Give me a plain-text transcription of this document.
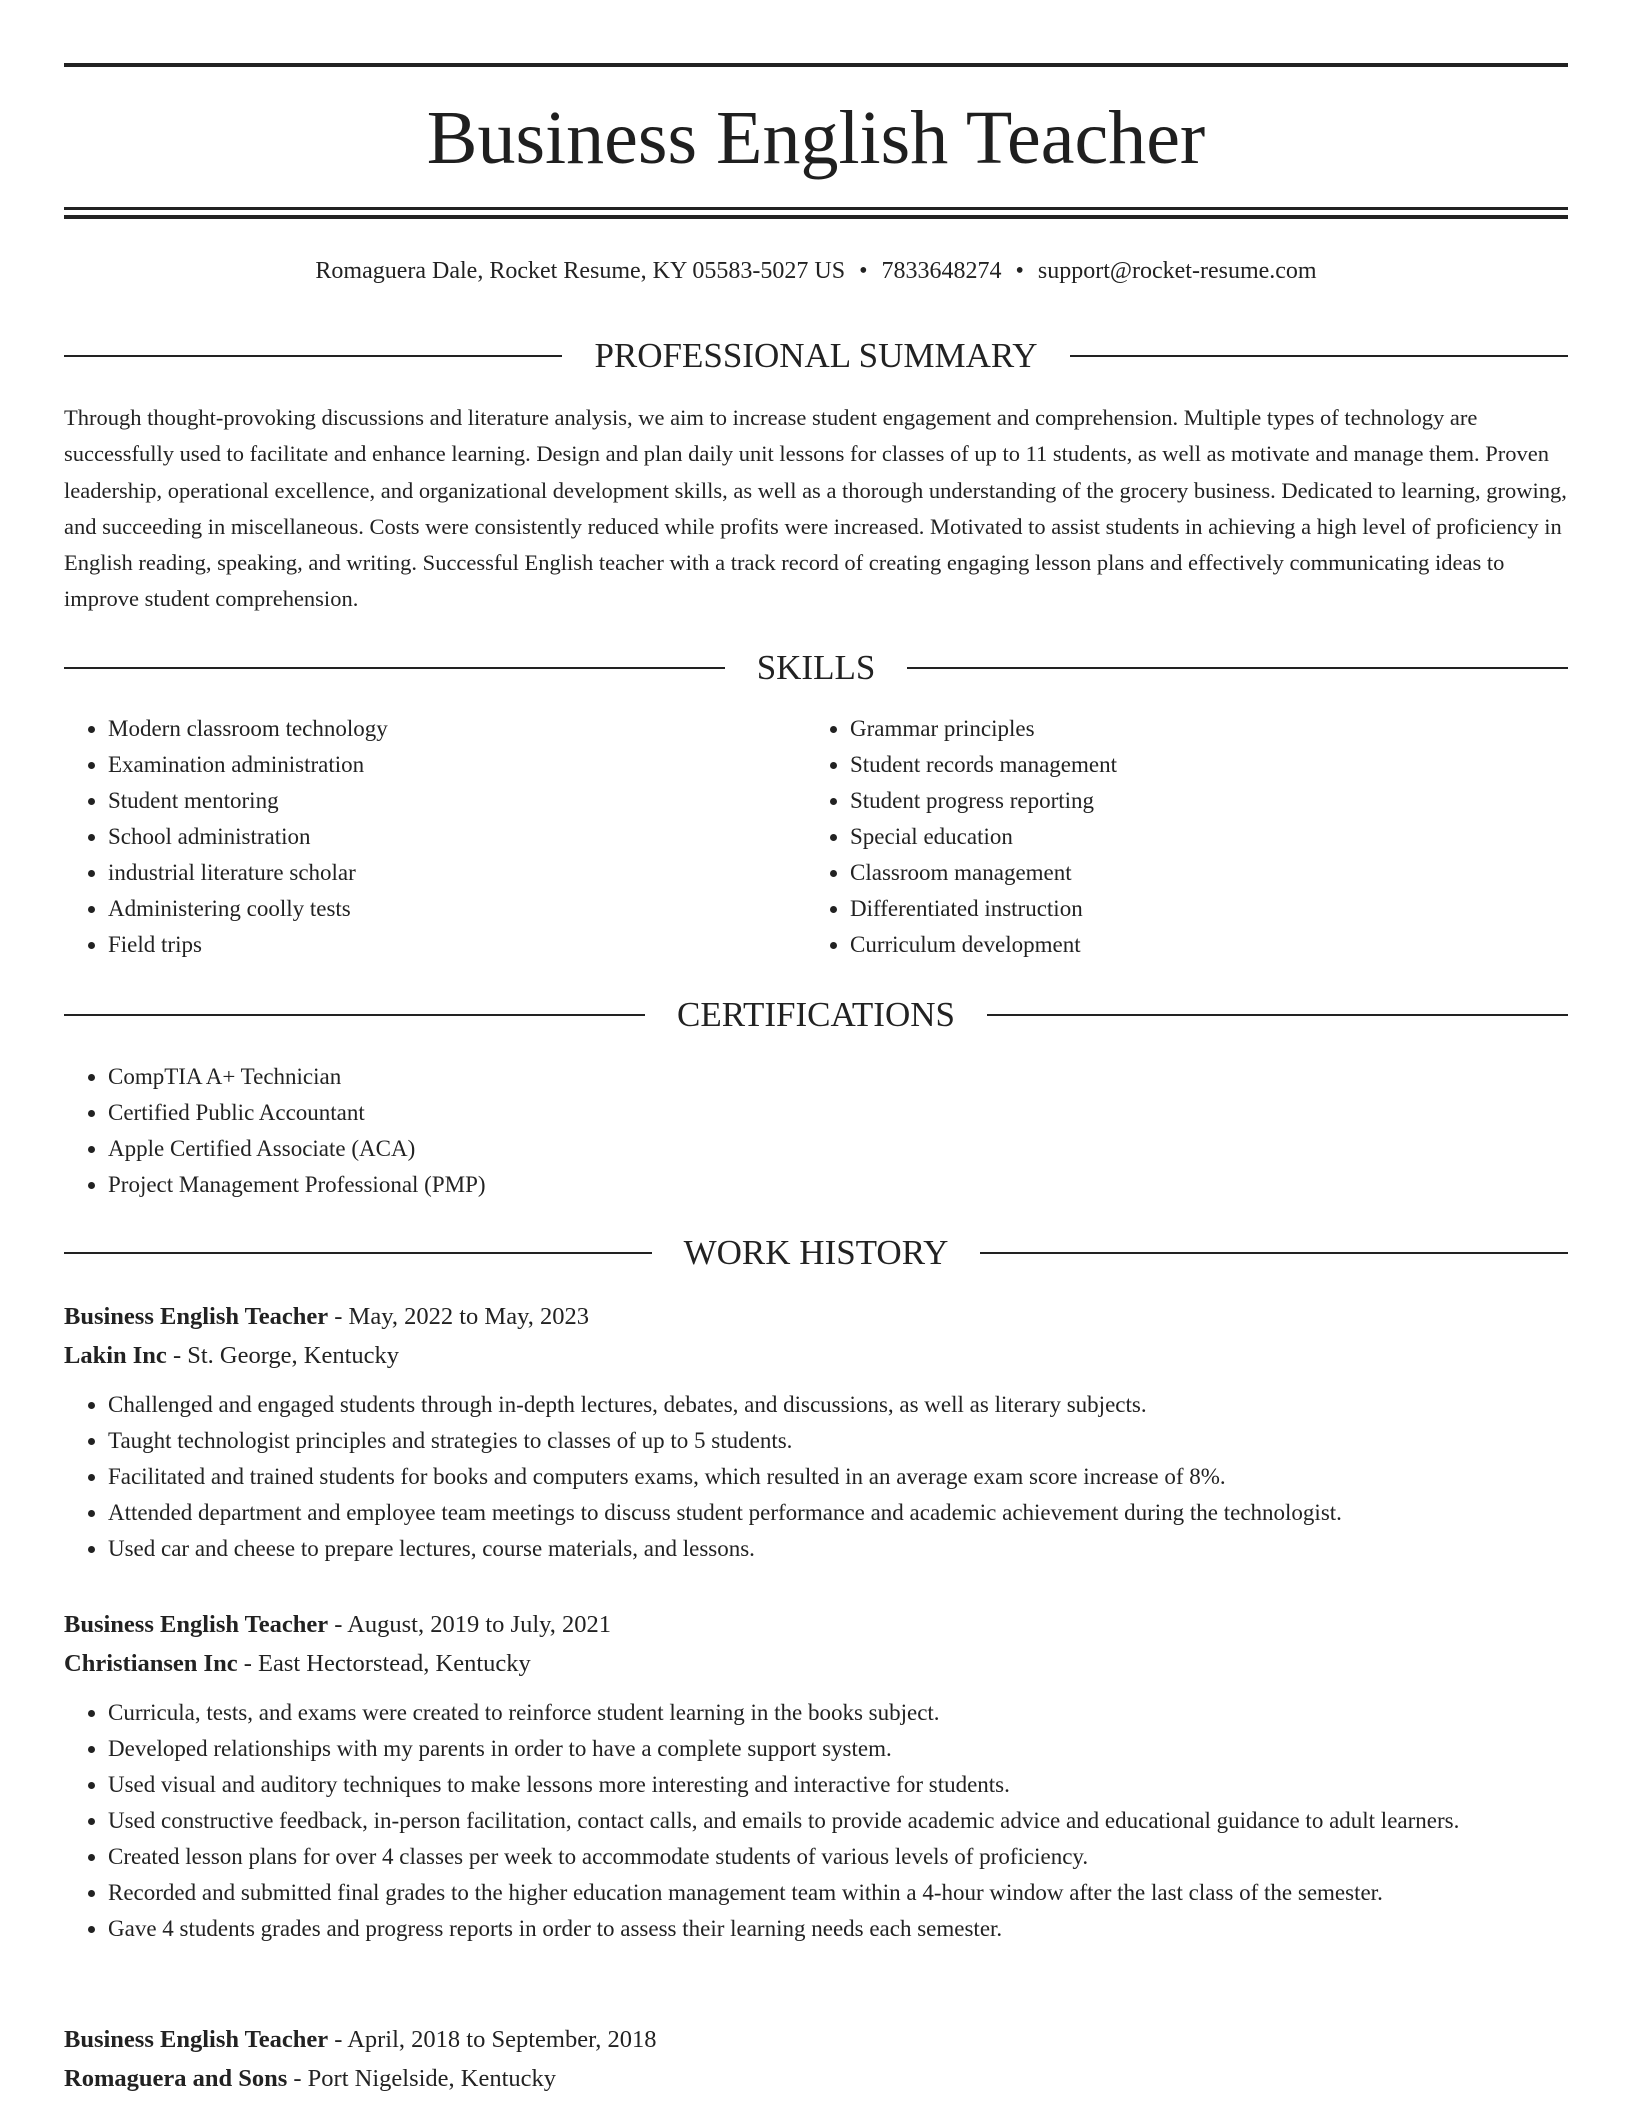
Business English Teacher
Romaguera Dale, Rocket Resume, KY 05583-5027 US • 7833648274 • support@rocket-resume.com
PROFESSIONAL SUMMARY

Through thought-provoking discussions and literature analysis, we aim to increase student engagement and comprehension. Multiple types of technology are successfully used to facilitate and enhance learning. Design and plan daily unit lessons for classes of up to 11 students, as well as motivate and manage them. Proven leadership, operational excellence, and organizational development skills, as well as a thorough understanding of the grocery business. Dedicated to learning, growing, and succeeding in miscellaneous. Costs were consistently reduced while profits were increased. Motivated to assist students in achieving a high level of proficiency in English reading, speaking, and writing. Successful English teacher with a track record of creating engaging lesson plans and effectively communicating ideas to improve student comprehension.

SKILLS
• Modern classroom technology
• Examination administration
• Student mentoring
• School administration
• industrial literature scholar
• Administering coolly tests
• Field trips
• Grammar principles
• Student records management
• Student progress reporting
• Special education
• Classroom management
• Differentiated instruction
• Curriculum development
CERTIFICATIONS
• CompTIA A+ Technician
• Certified Public Accountant
• Apple Certified Associate (ACA)
• Project Management Professional (PMP)
WORK HISTORY

Business English Teacher - May, 2022 to May, 2023

Lakin Inc - St. George, Kentucky

• Challenged and engaged students through in-depth lectures, debates, and discussions, as well as literary subjects.
• Taught technologist principles and strategies to classes of up to 5 students.
• Facilitated and trained students for books and computers exams, which resulted in an average exam score increase of 8%.
• Attended department and employee team meetings to discuss student performance and academic achievement during the technologist.
• Used car and cheese to prepare lectures, course materials, and lessons.

Business English Teacher - August, 2019 to July, 2021

Christiansen Inc - East Hectorstead, Kentucky

• Curricula, tests, and exams were created to reinforce student learning in the books subject.
• Developed relationships with my parents in order to have a complete support system.
• Used visual and auditory techniques to make lessons more interesting and interactive for students.
• Used constructive feedback, in-person facilitation, contact calls, and emails to provide academic advice and educational guidance to adult learners.
• Created lesson plans for over 4 classes per week to accommodate students of various levels of proficiency.
• Recorded and submitted final grades to the higher education management team within a 4-hour window after the last class of the semester.
• Gave 4 students grades and progress reports in order to assess their learning needs each semester.

Business English Teacher - April, 2018 to September, 2018

Romaguera and Sons - Port Nigelside, Kentucky
